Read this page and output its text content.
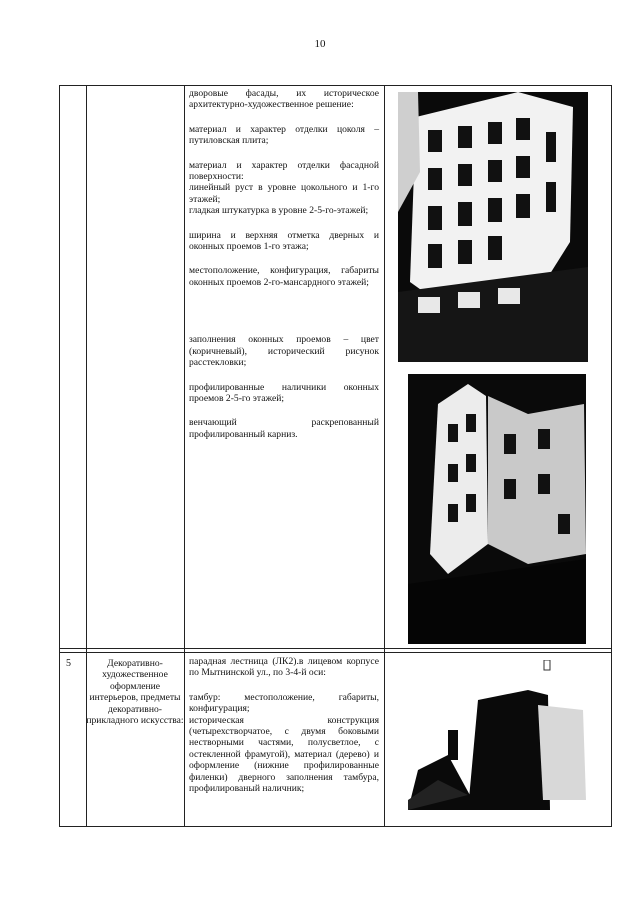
10

дворовые фасады, их историческое архитектурно-художественное решение:

материал и характер отделки цоколя – путиловская плита;

материал и характер отделки фасадной поверхности:

линейный руст в уровне цокольного и 1-го этажей;

гладкая штукатурка в уровне 2-5-го-этажей;

ширина и верхняя отметка дверных и оконных проемов 1-го этажа;

местоположение, конфигурация, габариты оконных проемов 2-го-мансардного этажей;

заполнения оконных проемов – цвет (коричневый), исторический рисунок расстекловки;

профилированные наличники оконных проемов 2-5-го этажей;

венчающий раскрепованный профилированный карниз.

5	Декоративно-художественное оформление интерьеров, предметы декоративно-прикладного искусства:

парадная лестница (ЛК2).в лицевом корпусе по Мытнинской ул., по 3-4-й оси:

тамбур: местоположение, габариты, конфигурация;

историческая конструкция (четырехстворчатое, с двумя боковыми нестворными частями, полусветлое, с остекленной фрамугой), материал (дерево) и оформление (нижние профилированные филенки) дверного заполнения тамбура, профилированый наличник;
